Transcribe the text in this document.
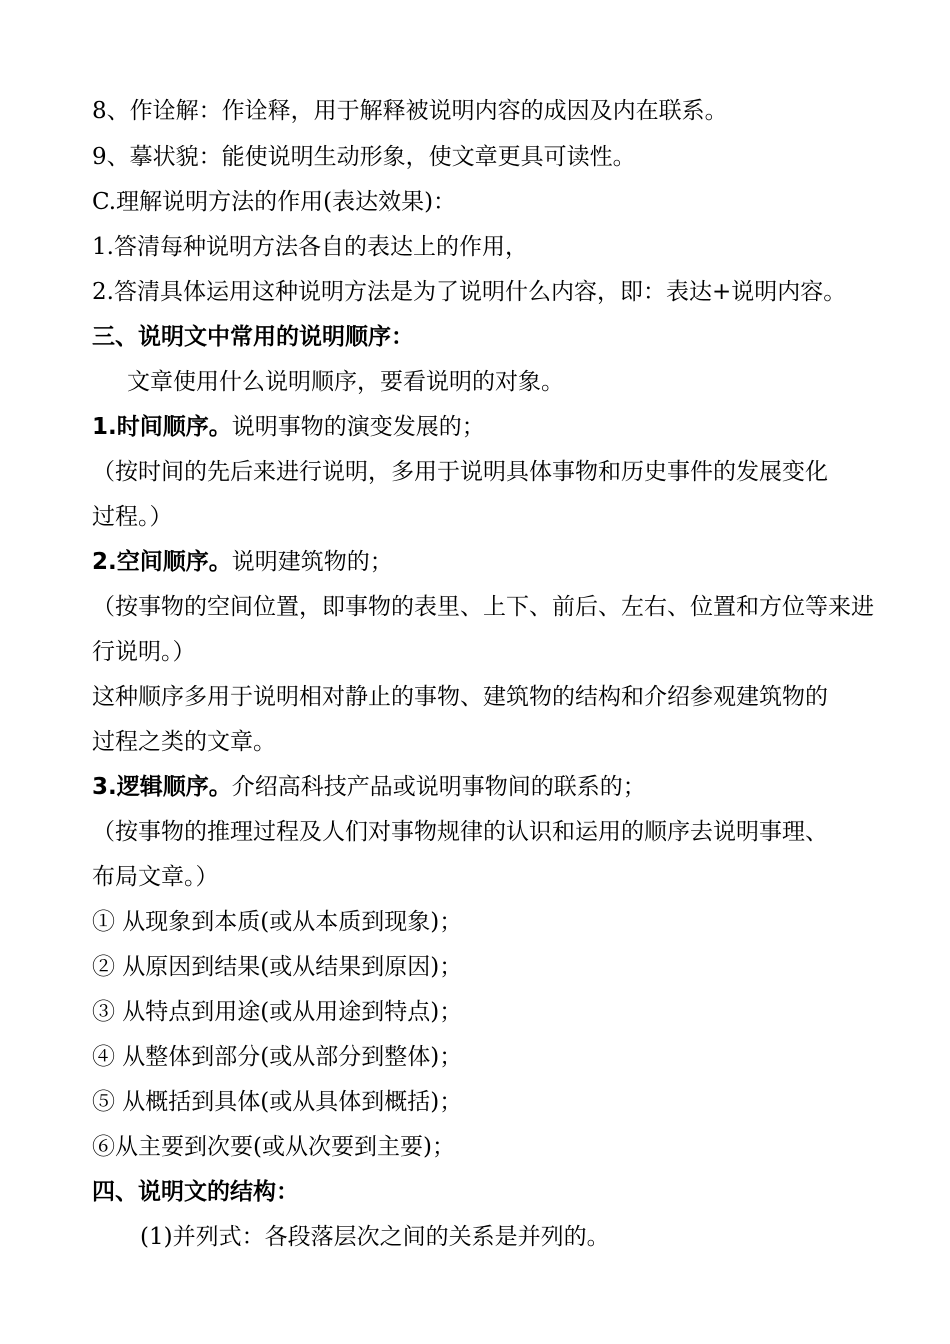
8、作诠解：作诠释，用于解释被说明内容的成因及内在联系。
9、摹状貌：能使说明生动形象，使文章更具可读性。
C.理解说明方法的作用(表达效果)：
1.答清每种说明方法各自的表达上的作用，
2.答清具体运用这种说明方法是为了说明什么内容，即：表达+说明内容。
三、说明文中常用的说明顺序：
文章使用什么说明顺序，要看说明的对象。
1.时间顺序。说明事物的演变发展的；
（按时间的先后来进行说明，多用于说明具体事物和历史事件的发展变化
过程。）
2.空间顺序。说明建筑物的；
（按事物的空间位置，即事物的表里、上下、前后、左右、位置和方位等来进
行说明。）
这种顺序多用于说明相对静止的事物、建筑物的结构和介绍参观建筑物的
过程之类的文章。
3.逻辑顺序。介绍高科技产品或说明事物间的联系的；
（按事物的推理过程及人们对事物规律的认识和运用的顺序去说明事理、
布局文章。）
① 从现象到本质(或从本质到现象)；
② 从原因到结果(或从结果到原因)；
③ 从特点到用途(或从用途到特点)；
④ 从整体到部分(或从部分到整体)；
⑤ 从概括到具体(或从具体到概括)；
⑥从主要到次要(或从次要到主要)；
四、说明文的结构：
(1)并列式：各段落层次之间的关系是并列的。
